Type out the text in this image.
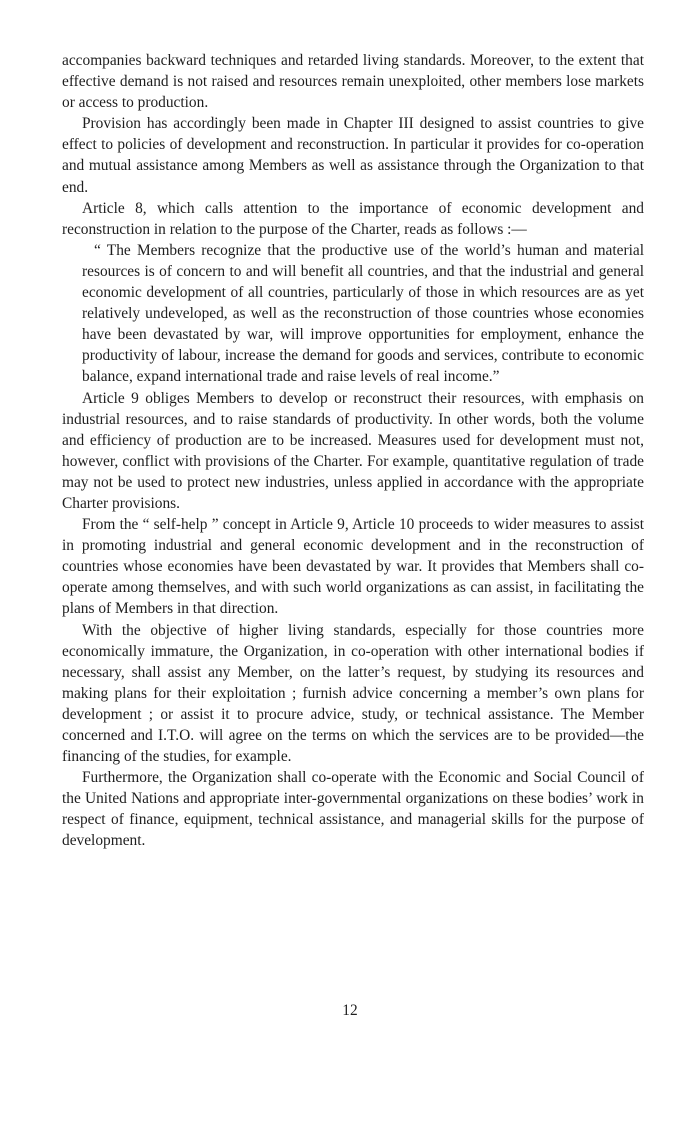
accompanies backward techniques and retarded living standards. Moreover, to the extent that effective demand is not raised and resources remain unexploited, other members lose markets or access to production.

Provision has accordingly been made in Chapter III designed to assist countries to give effect to policies of development and reconstruction. In particular it provides for co-operation and mutual assistance among Members as well as assistance through the Organization to that end.

Article 8, which calls attention to the importance of economic development and reconstruction in relation to the purpose of the Charter, reads as follows :—

“ The Members recognize that the productive use of the world’s human and material resources is of concern to and will benefit all countries, and that the industrial and general economic development of all countries, particularly of those in which resources are as yet relatively undeveloped, as well as the reconstruction of those countries whose economies have been devastated by war, will improve opportunities for employment, enhance the productivity of labour, increase the demand for goods and services, contribute to economic balance, expand international trade and raise levels of real income.”

Article 9 obliges Members to develop or reconstruct their resources, with emphasis on industrial resources, and to raise standards of productivity. In other words, both the volume and efficiency of production are to be increased. Measures used for development must not, however, conflict with provisions of the Charter. For example, quantitative regulation of trade may not be used to protect new industries, unless applied in accordance with the appropriate Charter provisions.

From the “ self-help ” concept in Article 9, Article 10 proceeds to wider measures to assist in promoting industrial and general economic development and in the reconstruction of countries whose economies have been devastated by war. It provides that Members shall co-operate among themselves, and with such world organizations as can assist, in facilitating the plans of Members in that direction.

With the objective of higher living standards, especially for those countries more economically immature, the Organization, in co-operation with other international bodies if necessary, shall assist any Member, on the latter’s request, by studying its resources and making plans for their exploitation ; furnish advice concerning a member’s own plans for development ; or assist it to procure advice, study, or technical assistance. The Member concerned and I.T.O. will agree on the terms on which the services are to be provided—the financing of the studies, for example.

Furthermore, the Organization shall co-operate with the Economic and Social Council of the United Nations and appropriate inter-governmental organizations on these bodies’ work in respect of finance, equipment, technical assistance, and managerial skills for the purpose of development.

12
